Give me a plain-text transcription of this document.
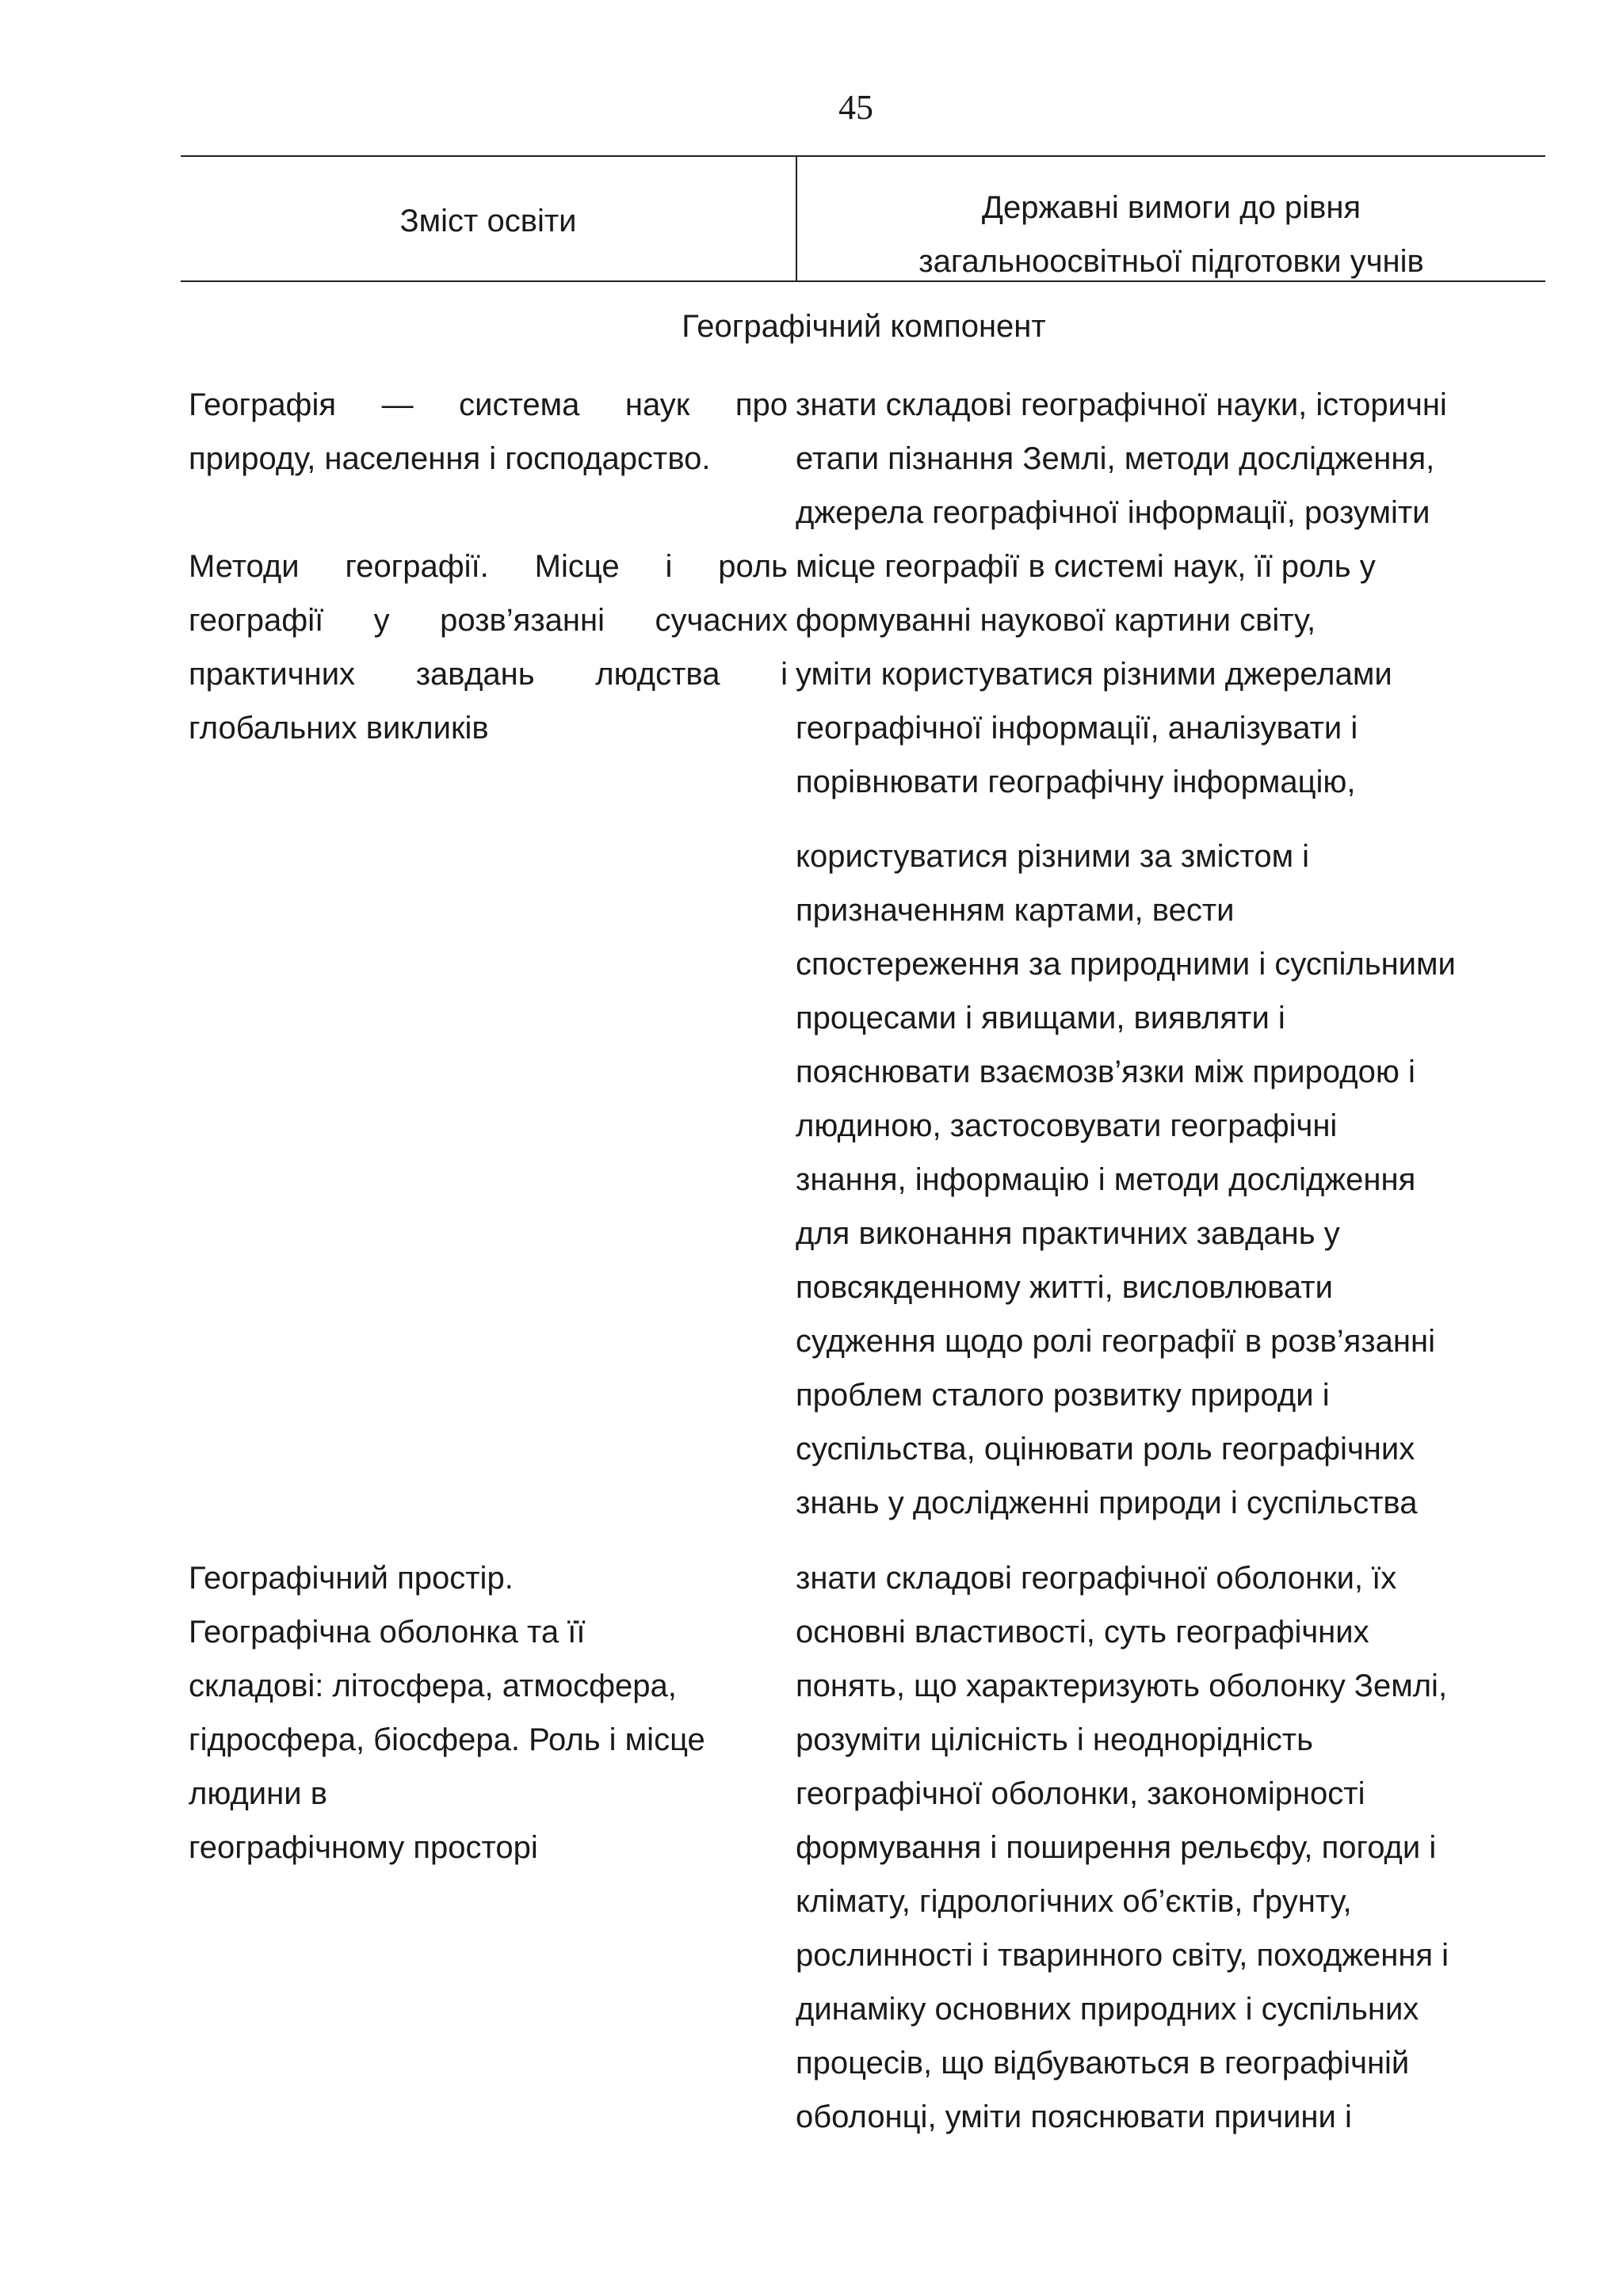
45
Зміст освіти	Державні вимоги до рівня
загальноосвітньої підготовки учнів
Географічний компонент
Географія — система наук про
природу, населення і господарство.
Методи географії. Місце і роль
географії у розв’язанні сучасних
практичних завдань людства і
глобальних викликів
знати складові географічної науки, історичні
етапи пізнання Землі, методи дослідження,
джерела географічної інформації, розуміти
місце географії в системі наук, її роль у
формуванні наукової картини світу,
уміти користуватися різними джерелами
географічної інформації, аналізувати і
порівнювати географічну інформацію,
користуватися різними за змістом і
призначенням картами, вести
спостереження за природними і суспільними
процесами і явищами, виявляти і
пояснювати взаємозв’язки між природою і
людиною, застосовувати географічні
знання, інформацію і методи дослідження
для виконання практичних завдань у
повсякденному житті, висловлювати
судження щодо ролі географії в розв’язанні
проблем сталого розвитку природи і
суспільства, оцінювати роль географічних
знань у дослідженні природи і суспільства
Географічний простір.
Географічна оболонка та її
складові: літосфера, атмосфера,
гідросфера, біосфера. Роль і місце
людини в
географічному просторі
знати складові географічної оболонки, їх
основні властивості, суть географічних
понять, що характеризують оболонку Землі,
розуміти цілісність і неоднорідність
географічної оболонки, закономірності
формування і поширення рельєфу, погоди і
клімату, гідрологічних об’єктів, ґрунту,
рослинності і тваринного світу, походження і
динаміку основних природних і суспільних
процесів, що відбуваються в географічній
оболонці, уміти пояснювати причини і
